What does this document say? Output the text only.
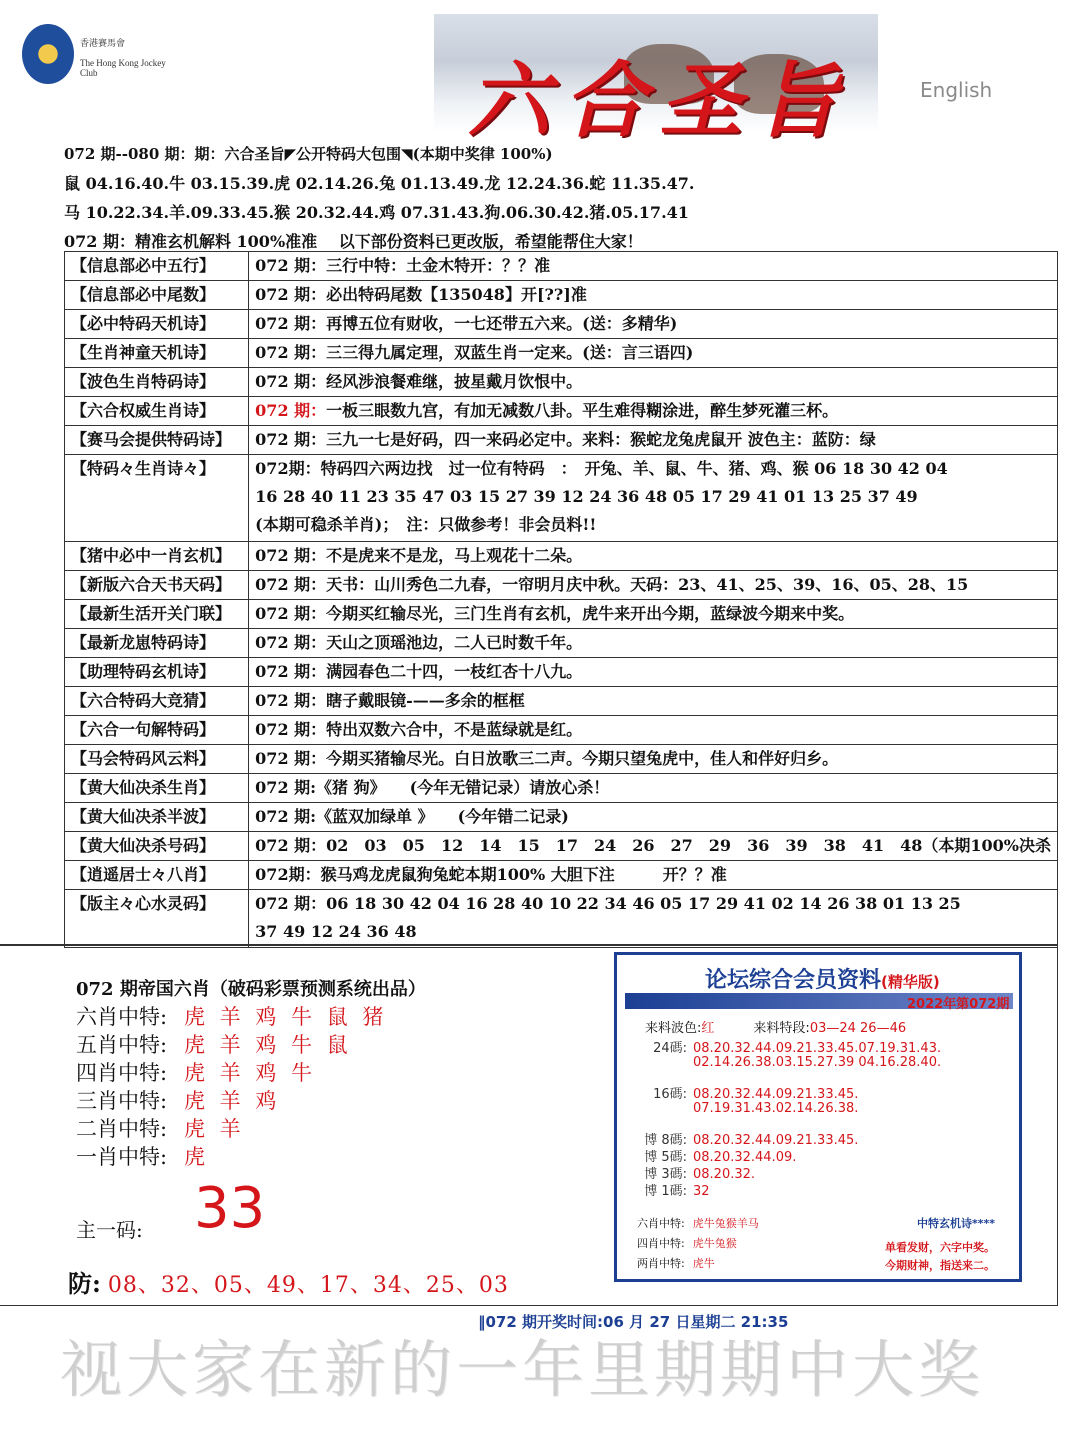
香港賽馬會
The Hong Kong Jockey Club	六合圣旨	English

072 期--080 期：期：六合圣旨◤公开特码大包围◥(本期中奖律 100%)

鼠 04.16.40.牛 03.15.39.虎 02.14.26.兔 01.13.49.龙 12.24.36.蛇 11.35.47.

马 10.22.34.羊.09.33.45.猴 20.32.44.鸡 07.31.43.狗.06.30.42.猪.05.17.41

072 期：精准玄机解料 100%准准　 以下部份资料已更改版，希望能帮住大家！

【信息部必中五行】	072 期：三行中特：土金木特开：？？准
【信息部必中尾数】	072 期：必出特码尾数【135048】开[??]准
【必中特码天机诗】	072 期：再博五位有财收，一七还带五六来。(送：多精华)
【生肖神童天机诗】	072 期：三三得九属定理，双蓝生肖一定来。(送：言三语四)
【波色生肖特码诗】	072 期：经风涉浪餐难继，披星戴月饮恨中。
【六合权威生肖诗】	072 期：一板三眼数九宫，有加无减数八卦。平生难得糊涂进，醉生梦死灌三杯。
【赛马会提供特码诗】	072 期：三九一七是好码，四一来码必定中。来料：猴蛇龙兔虎鼠开 波色主：蓝防：绿
【特码々生肖诗々】	072期：特码四六两边找　过一位有特码　：　开兔、羊、鼠、牛、猪、鸡、猴 06 18 30 42 04
16 28 40 11 23 35 47 03 15 27 39 12 24 36 48 05 17 29 41 01 13 25 37 49
(本期可稳杀羊肖)；　注：只做参考！非会员料!!

【猪中必中一肖玄机】	072 期：不是虎来不是龙，马上观花十二朵。
【新版六合天书天码】	072 期：天书：山川秀色二九春，一帘明月庆中秋。天码：23、41、25、39、16、05、28、15
【最新生活开关门联】	072 期：今期买红输尽光，三门生肖有玄机，虎牛来开出今期，蓝绿波今期来中奖。
【最新龙崽特码诗】	072 期：天山之顶瑶池边，二人已时数千年。
【助理特码玄机诗】	072 期：满园春色二十四，一枝红杏十八九。
【六合特码大竞猜】	072 期：瞎子戴眼镜-——多余的框框
【六合一句解特码】	072 期：特出双数六合中，不是蓝绿就是红。
【马会特码风云料】	072 期：今期买猪输尽光。白日放歌三二声。今期只望兔虎中，佳人和伴好归乡。
【黄大仙决杀生肖】	072 期:《猪 狗》　　(今年无错记录）请放心杀！
【黄大仙决杀半波】	072 期:《蓝双加绿单 》　　(今年错二记录)
【黄大仙决杀号码】	072 期：02　03　05　12　14　15　17　24　26　27　29　36　39　38　41　48（本期100%决杀
【逍遥居士々八肖】	072期：猴马鸡龙虎鼠狗兔蛇本期100% 大胆下注　　　开？？准
【版主々心水灵码】	072 期：06 18 30 42 04 16 28 40 10 22 34 46 05 17 29 41 02 14 26 38 01 13 25
37 49 12 24 36 48
072 期帝国六肖（破码彩票预测系统出品）
六肖中特: 虎 羊 鸡 牛 鼠 猪
五肖中特: 虎 羊 鸡 牛 鼠
四肖中特: 虎 羊 鸡 牛
三肖中特: 虎 羊 鸡
二肖中特: 虎 羊
一肖中特: 虎
主一码: 33
防: 08、32、05、49、17、34、25、03
论坛综合会员资料(精华版)
2022年第072期
来料波色:红　　　	来料特段:03—24 26—46
24碼: 08.20.32.44.09.21.33.45.07.19.31.43.
02.14.26.38.03.15.27.39 04.16.28.40.
16碼: 08.20.32.44.09.21.33.45.
07.19.31.43.02.14.26.38.
博 8碼: 08.20.32.44.09.21.33.45.
博 5碼: 08.20.32.44.09.
博 3碼: 08.20.32.
博 1碼: 32
六肖中特: 虎牛兔猴羊马
四肖中特: 虎牛兔猴
两肖中特: 虎牛
中特玄机诗****
单看发财，六字中奖。
今期财神，指送来二。
‖072 期开奖时间:06 月 27 日星期二 21:35
视大家在新的一年里期期中大奖
